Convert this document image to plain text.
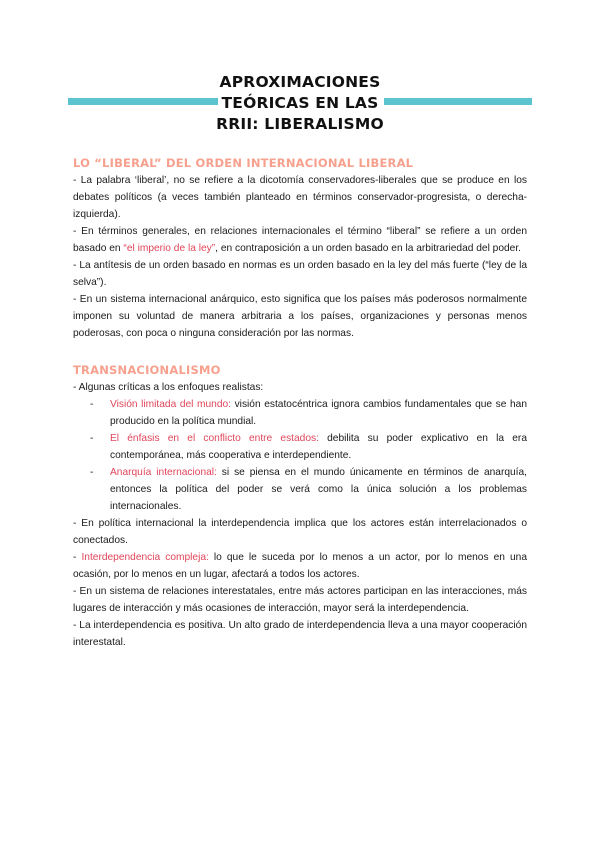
APROXIMACIONES
TEÓRICAS EN LAS
RRII: LIBERALISMO
LO “LIBERAL” DEL ORDEN INTERNACIONAL LIBERAL

- La palabra ‘liberal’, no se refiere a la dicotomía conservadores-liberales que se produce en los debates políticos (a veces también planteado en términos conservador-progresista, o derecha-izquierda).

- En términos generales, en relaciones internacionales el término “liberal” se refiere a un orden basado en “el imperio de la ley”, en contraposición a un orden basado en la arbitrariedad del poder.

- La antítesis de un orden basado en normas es un orden basado en la ley del más fuerte (“ley de la selva”).

- En un sistema internacional anárquico, esto significa que los países más poderosos normalmente imponen su voluntad de manera arbitraria a los países, organizaciones y personas menos poderosas, con poca o ninguna consideración por las normas.

TRANSNACIONALISMO

- Algunas críticas a los enfoques realistas:

- Visión limitada del mundo: visión estatocéntrica ignora cambios fundamentales que se han producido en la política mundial.
- El énfasis en el conflicto entre estados: debilita su poder explicativo en la era contemporánea, más cooperativa e interdependiente.
- Anarquía internacional: si se piensa en el mundo únicamente en términos de anarquía, entonces la política del poder se verá como la única solución a los problemas internacionales.

- En política internacional la interdependencia implica que los actores están interrelacionados o conectados.

- Interdependencia compleja: lo que le suceda por lo menos a un actor, por lo menos en una ocasión, por lo menos en un lugar, afectará a todos los actores.

- En un sistema de relaciones interestatales, entre más actores participan en las interacciones, más lugares de interacción y más ocasiones de interacción, mayor será la interdependencia.

- La interdependencia es positiva. Un alto grado de interdependencia lleva a una mayor cooperación interestatal.
